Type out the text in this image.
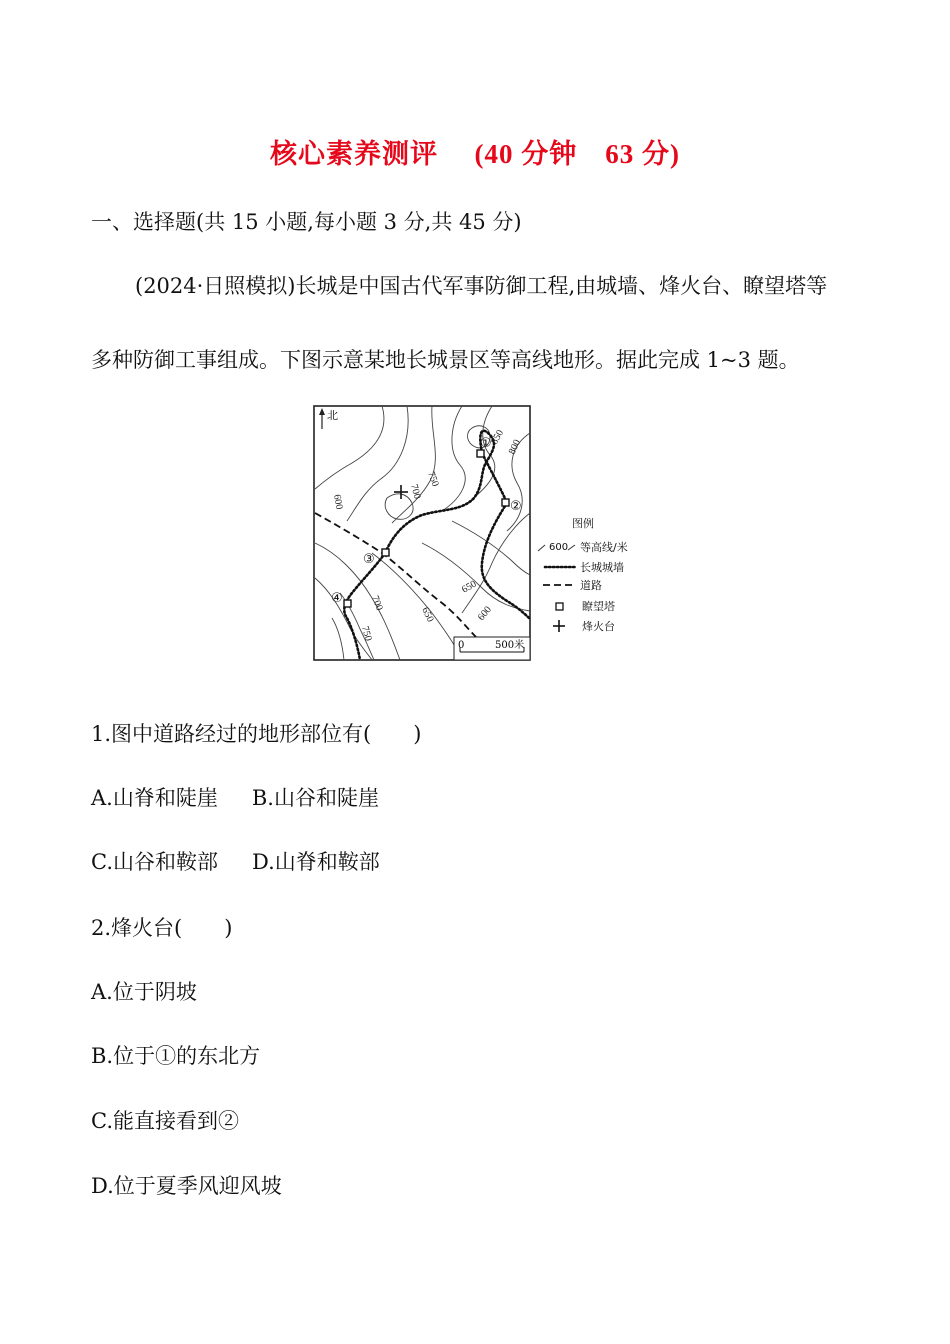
核心素养测评 (40 分钟　63 分)
一、选择题(共 15 小题,每小题 3 分,共 45 分)
(2024·日照模拟)长城是中国古代军事防御工程,由城墙、烽火台、瞭望塔等
多种防御工事组成。下图示意某地长城景区等高线地形。据此完成 1~3 题。
北
①
②
③
④
850
800
750
700
600
650
600
700
750
650
0	500米
图例
600 等高线/米
长城城墙
道路
瞭望塔
烽火台
1.图中道路经过的地形部位有(　　)
A.山脊和陡崖 B.山谷和陡崖
C.山谷和鞍部 D.山脊和鞍部
2.烽火台(　　)
A.位于阴坡
B.位于①的东北方
C.能直接看到②
D.位于夏季风迎风坡
